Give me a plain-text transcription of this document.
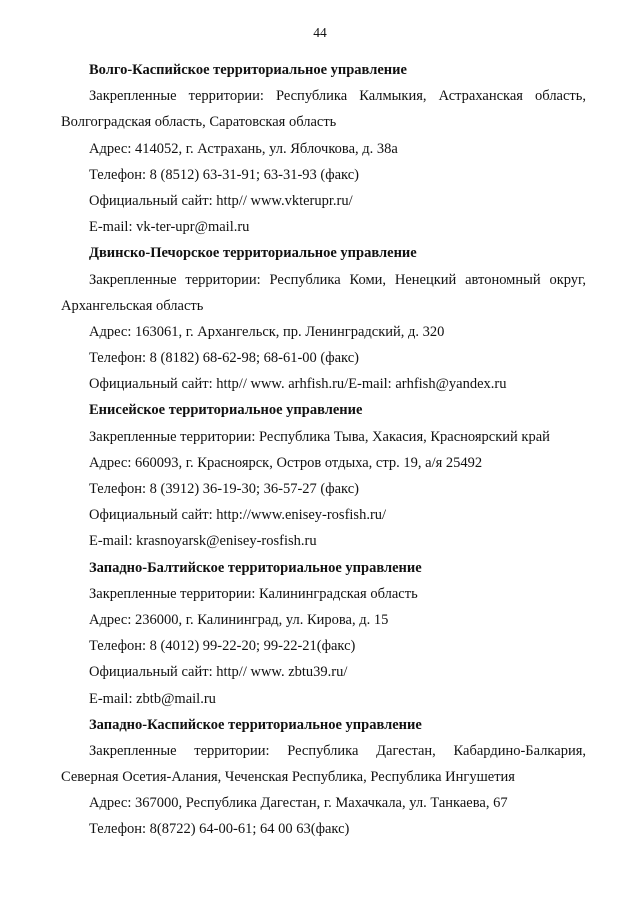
44
Волго-Каспийское территориальное управление
Закрепленные территории: Республика Калмыкия, Астраханская область,
Волгоградская область, Саратовская область
Адрес: 414052, г. Астрахань, ул. Яблочкова, д. 38а
Телефон: 8 (8512) 63-31-91; 63-31-93 (факс)
Официальный сайт: http// www.vkterupr.ru/
E-mail: vk-ter-upr@mail.ru
Двинско-Печорское территориальное управление
Закрепленные территории: Республика Коми, Ненецкий автономный округ,
Архангельская область
Адрес: 163061, г. Архангельск, пр. Ленинградский, д. 320
Телефон: 8 (8182) 68-62-98; 68-61-00 (факс)
Официальный сайт: http// www. arhfish.ru/E-mail: arhfish@yandex.ru
Енисейское территориальное управление
Закрепленные территории: Республика Тыва, Хакасия, Красноярский край
Адрес: 660093, г. Красноярск, Остров отдыха, стр. 19, а/я 25492
Телефон: 8 (3912) 36-19-30; 36-57-27 (факс)
Официальный сайт: http://www.enisey-rosfish.ru/
E-mail: krasnoyarsk@enisey-rosfish.ru
Западно-Балтийское территориальное управление
Закрепленные территории: Калининградская область
Адрес: 236000, г. Калининград, ул. Кирова, д. 15
Телефон: 8 (4012) 99-22-20; 99-22-21(факс)
Официальный сайт: http// www. zbtu39.ru/
E-mail: zbtb@mail.ru
Западно-Каспийское территориальное управление
Закрепленные территории: Республика Дагестан, Кабардино-Балкария,
Северная Осетия-Алания, Чеченская Республика, Республика Ингушетия
Адрес: 367000, Республика Дагестан, г. Махачкала, ул. Танкаева, 67
Телефон: 8(8722) 64-00-61; 64 00 63(факс)
